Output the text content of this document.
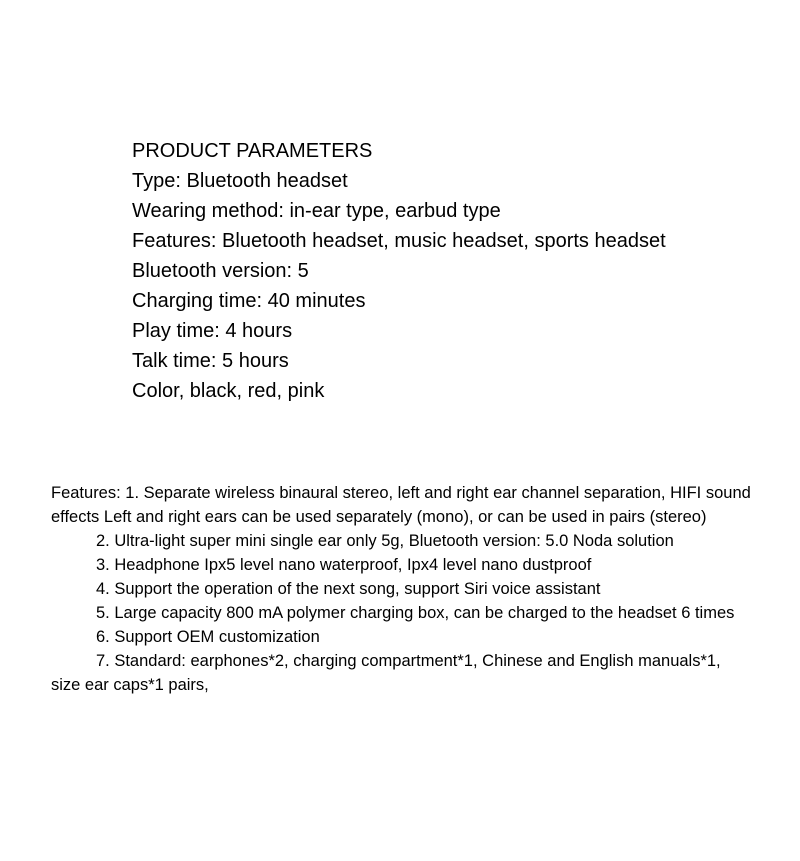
PRODUCT PARAMETERS
Type: Bluetooth headset
Wearing method: in-ear type, earbud type
Features: Bluetooth headset, music headset, sports headset
Bluetooth version: 5
Charging time: 40 minutes
Play time: 4 hours
Talk time: 5 hours
Color, black, red, pink

Features: 1. Separate wireless binaural stereo, left and right ear channel separation, HIFI sound effects Left and right ears can be used separately (mono), or can be used in pairs (stereo)

2. Ultra-light super mini single ear only 5g, Bluetooth version: 5.0 Noda solution

3. Headphone Ipx5 level nano waterproof, Ipx4 level nano dustproof

4. Support the operation of the next song, support Siri voice assistant

5. Large capacity 800 mA polymer charging box, can be charged to the headset 6 times

6. Support OEM customization

7. Standard: earphones*2, charging compartment*1, Chinese and English manuals*1, size ear caps*1 pairs,
